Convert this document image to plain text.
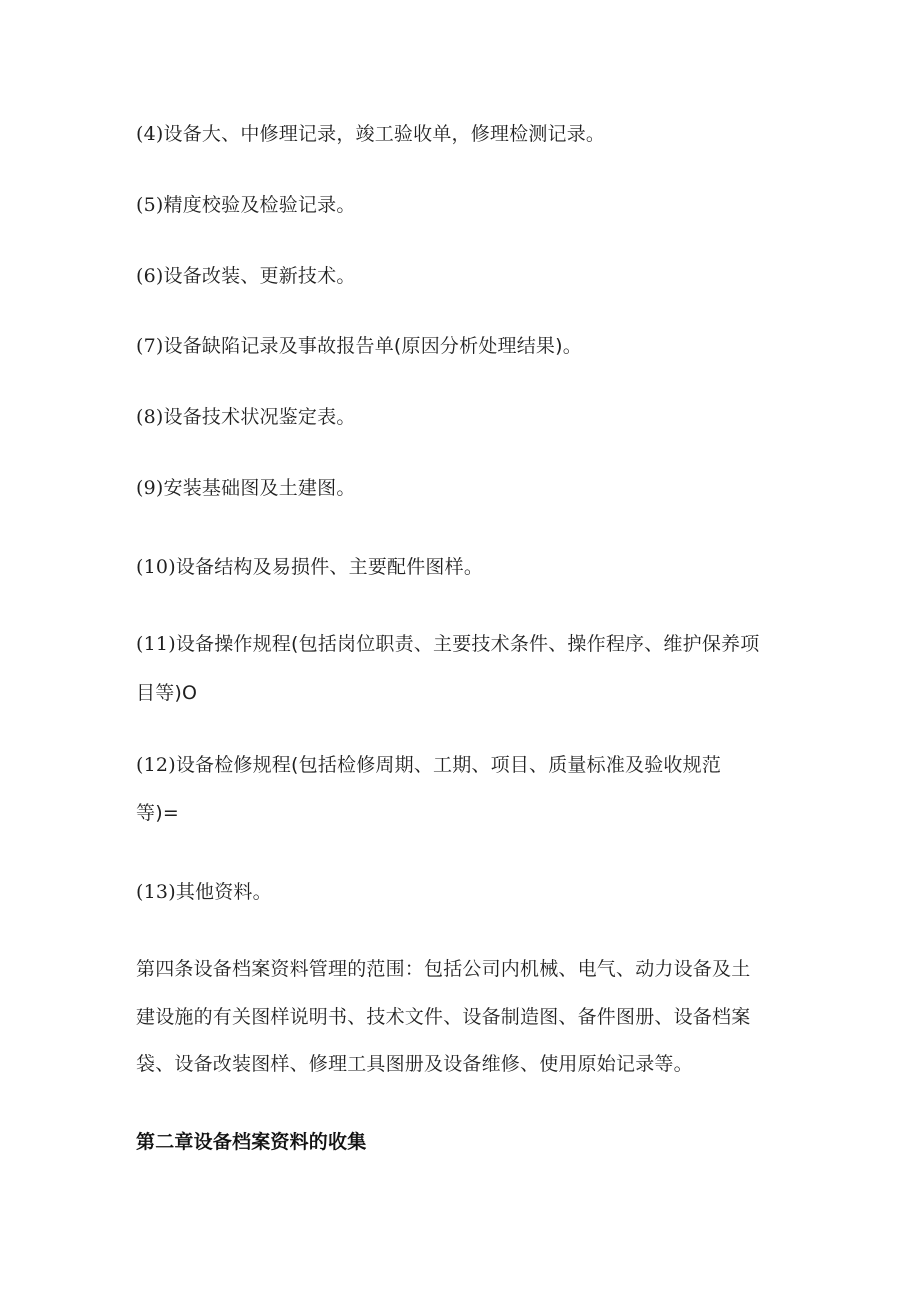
(4)设备大、中修理记录，竣工验收单，修理检测记录。
(5)精度校验及检验记录。
(6)设备改装、更新技术。
(7)设备缺陷记录及事故报告单(原因分析处理结果)。
(8)设备技术状况鉴定表。
(9)安装基础图及土建图。
(10)设备结构及易损件、主要配件图样。
(11)设备操作规程(包括岗位职责、主要技术条件、操作程序、维护保养项
目等)O
(12)设备检修规程(包括检修周期、工期、项目、质量标准及验收规范
等)=
(13)其他资料。
第四条设备档案资料管理的范围：包括公司内机械、电气、动力设备及土
建设施的有关图样说明书、技术文件、设备制造图、备件图册、设备档案
袋、设备改装图样、修理工具图册及设备维修、使用原始记录等。
第二章设备档案资料的收集
